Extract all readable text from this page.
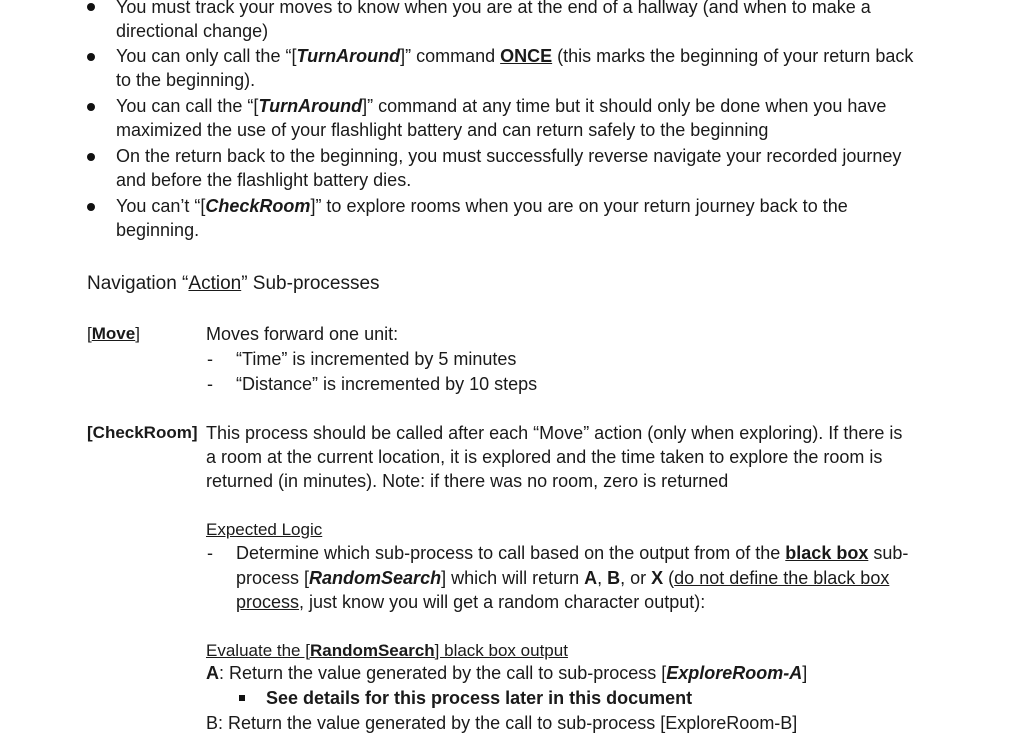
You must track your moves to know when you are at the end of a hallway (and when to make a
directional change)
You can only call the “[TurnAround]” command ONCE (this marks the beginning of your return back
to the beginning).
You can call the “[TurnAround]” command at any time but it should only be done when you have
maximized the use of your flashlight battery and can return safely to the beginning
On the return back to the beginning, you must successfully reverse navigate your recorded journey
and before the flashlight battery dies.
You can’t “[CheckRoom]” to explore rooms when you are on your return journey back to the
beginning.
Navigation “Action” Sub-processes
[Move]	Moves forward one unit:
- “Time” is incremented by 5 minutes
- “Distance” is incremented by 10 steps
[CheckRoom] This process should be called after each “Move” action (only when exploring). If there is
a room at the current location, it is explored and the time taken to explore the room is
returned (in minutes). Note: if there was no room, zero is returned
Expected Logic
- Determine which sub-process to call based on the output from of the black box sub-
process [RandomSearch] which will return A, B, or X (do not define the black box
process, just know you will get a random character output):
Evaluate the [RandomSearch] black box output
A: Return the value generated by the call to sub-process [ExploreRoom-A]
See details for this process later in this document
B: Return the value generated by the call to sub-process [ExploreRoom-B]
